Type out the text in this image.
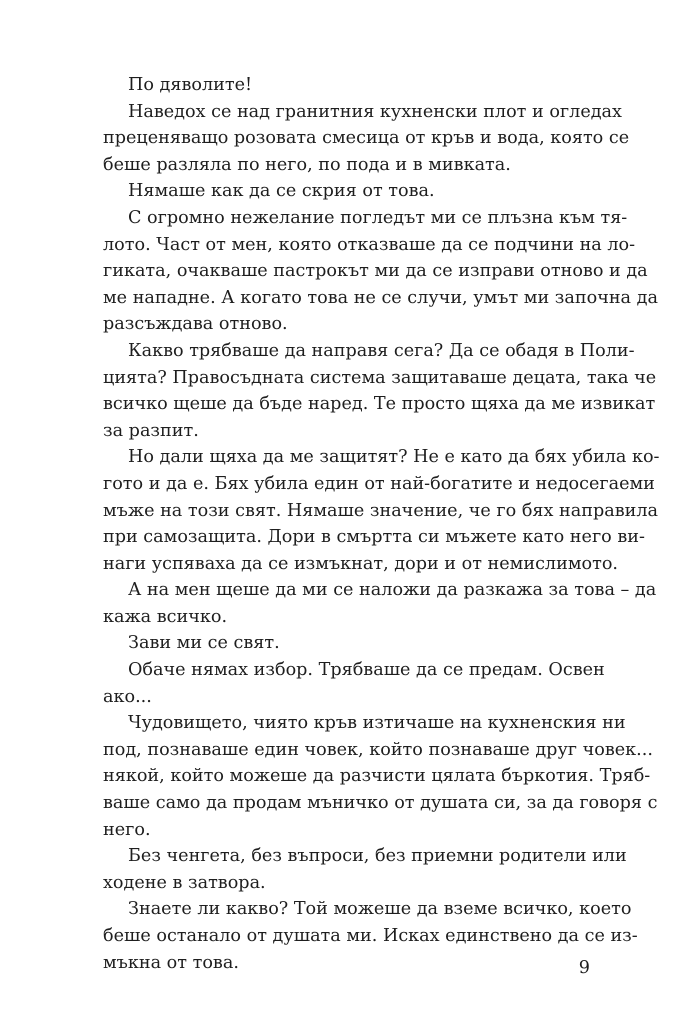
По дяволите!
Наведох се над гранитния кухненски плот и огледах
преценяващо розовата смесица от кръв и вода, която се
беше разляла по него, по пода и в мивката.
Нямаше как да се скрия от това.
С огромно нежелание погледът ми се плъзна към тя-
лото. Част от мен, която отказваше да се подчини на ло-
гиката, очакваше пастрокът ми да се изправи отново и да
ме нападне. А когато това не се случи, умът ми започна да
разсъждава отново.
Какво трябваше да направя сега? Да се обадя в Поли-
цията? Правосъдната система защитаваше децата, така че
всичко щеше да бъде наред. Те просто щяха да ме извикат
за разпит.
Но дали щяха да ме защитят? Не е като да бях убила ко-
гото и да е. Бях убила един от най-богатите и недосегаеми
мъже на този свят. Нямаше значение, че го бях направила
при самозащита. Дори в смъртта си мъжете като него ви-
наги успяваха да се измъкнат, дори и от немислимото.
А на мен щеше да ми се наложи да разкажа за това – да
кажа всичко.
Зави ми се свят.
Обаче нямах избор. Трябваше да се предам. Освен
ако...
Чудовището, чиято кръв изтичаше на кухненския ни
под, познаваше един човек, който познаваше друг човек...
някой, който можеше да разчисти цялата бъркотия. Тряб-
ваше само да продам мъничко от душата си, за да говоря с
него.
Без ченгета, без въпроси, без приемни родители или
ходене в затвора.
Знаете ли какво? Той можеше да вземе всичко, което
беше останало от душата ми. Исках единствено да се из-
мъкна от това.	9
